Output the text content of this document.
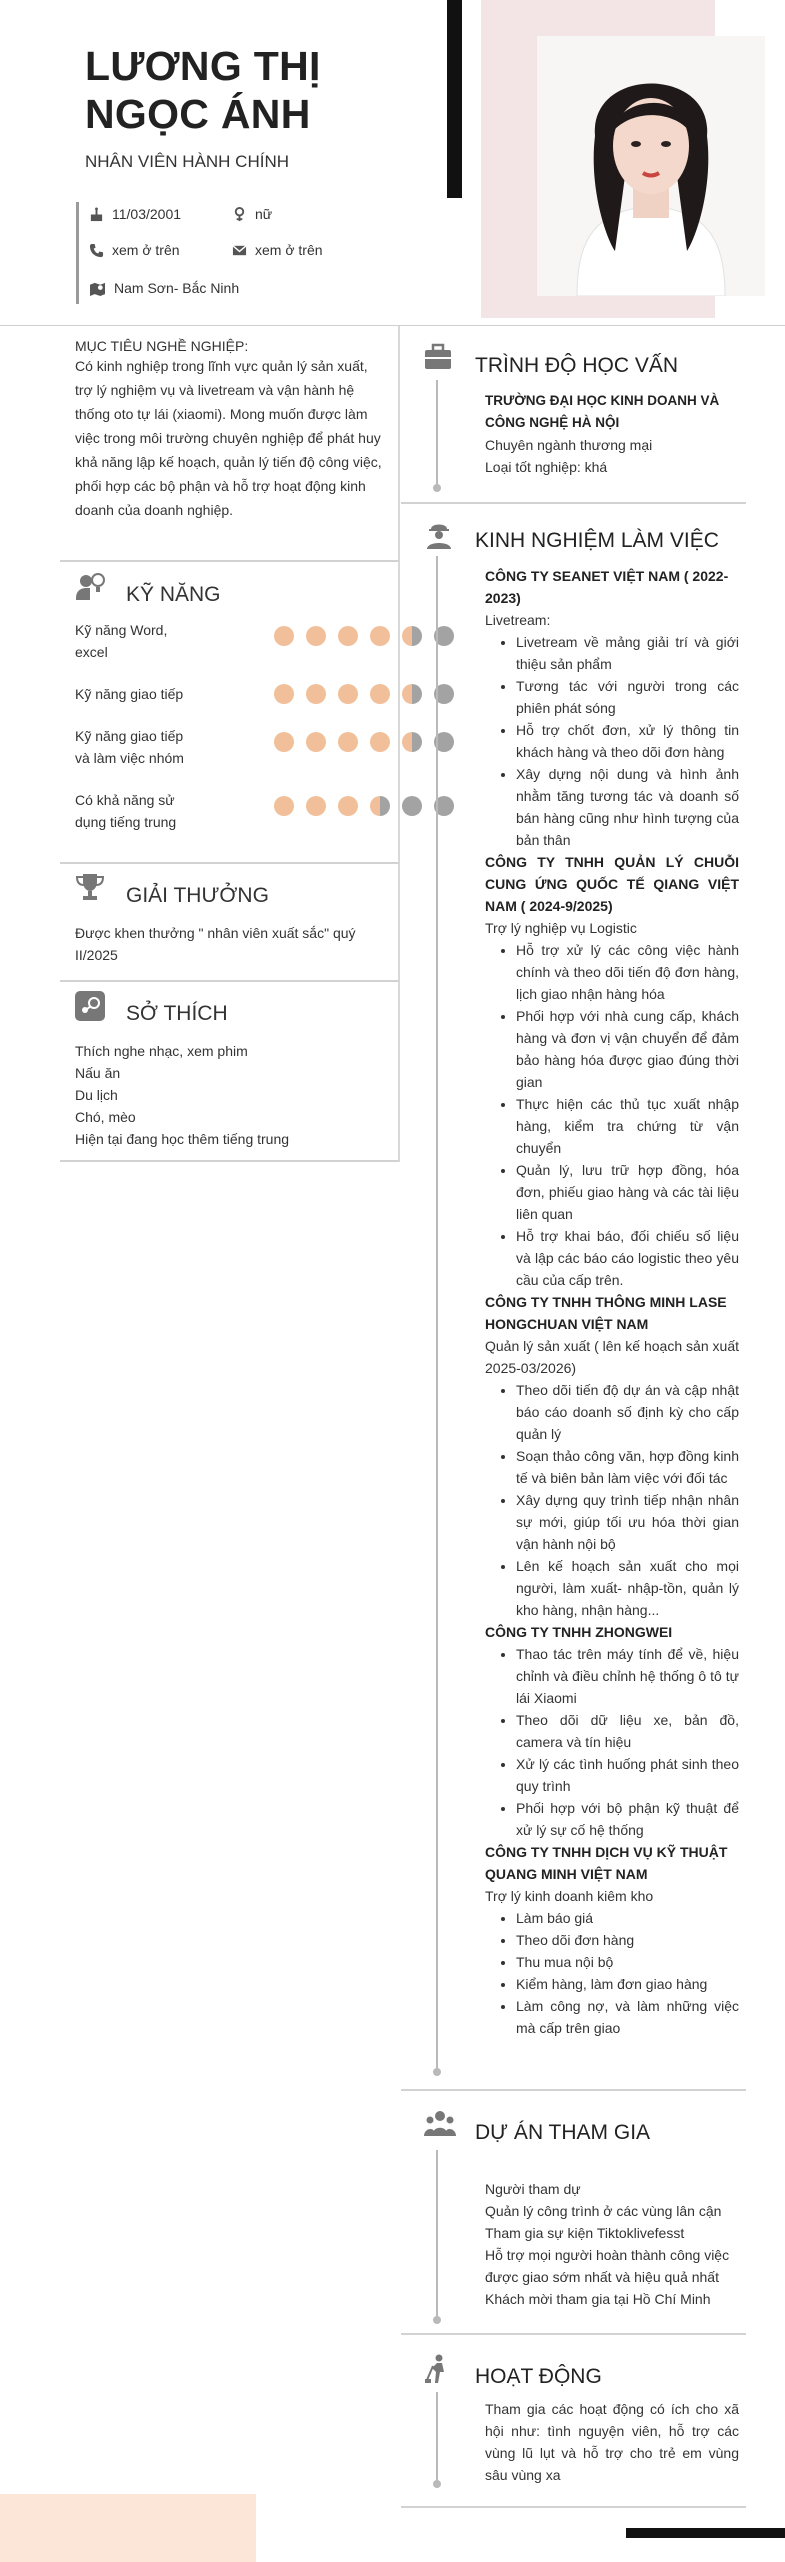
LƯƠNG THỊ NGỌC ÁNH
NHÂN VIÊN HÀNH CHÍNH
11/03/2001	nữ
xem ở trên	xem ở trên
Nam Sơn- Bắc Ninh
MỤC TIÊU NGHỀ NGHIỆP:
Có kinh nghiệp trong lĩnh vực quản lý sản xuất, trợ lý nghiệm vụ và livetream và vận hành hệ thống oto tự lái (xiaomi). Mong muốn được làm việc trong môi trường chuyên nghiệp để phát huy khả năng lập kế hoạch, quản lý tiến độ công việc, phối hợp các bộ phận và hỗ trợ hoạt động kinh doanh của doanh nghiệp.
KỸ NĂNG
Kỹ năng Word, excel
Kỹ năng giao tiếp
Kỹ năng giao tiếp và làm việc nhóm
Có khả năng sử dụng tiếng trung
GIẢI THƯỞNG
Được khen thưởng " nhân viên xuất sắc" quý II/2025
SỞ THÍCH
Thích nghe nhạc, xem phim
Nấu ăn
Du lịch
Chó, mèo
Hiện tại đang học thêm tiếng trung
TRÌNH ĐỘ HỌC VẤN
TRƯỜNG ĐẠI HỌC KINH DOANH VÀ CÔNG NGHỆ HÀ NỘI
Chuyên ngành thương mại
Loại tốt nghiệp: khá
KINH NGHIỆM LÀM VIỆC
CÔNG TY SEANET VIỆT NAM ( 2022-2023)
Livetream:
• Livetream về mảng giải trí và giới thiệu sản phẩm
• Tương tác với người trong các phiên phát sóng
• Hỗ trợ chốt đơn, xử lý thông tin khách hàng và theo dõi đơn hàng
• Xây dựng nội dung và hình ảnh nhằm tăng tương tác và doanh số bán hàng cũng như hình tượng của bản thân
CÔNG TY TNHH QUẢN LÝ CHUỖI CUNG ỨNG QUỐC TẾ QIANG VIỆT NAM ( 2024-9/2025)
Trợ lý nghiệp vụ Logistic
• Hỗ trợ xử lý các công việc hành chính và theo dõi tiến độ đơn hàng, lịch giao nhận hàng hóa
• Phối hợp với nhà cung cấp, khách hàng và đơn vị vận chuyển để đảm bảo hàng hóa được giao đúng thời gian
• Thực hiện các thủ tục xuất nhập hàng, kiểm tra chứng từ vận chuyển
• Quản lý, lưu trữ hợp đồng, hóa đơn, phiếu giao hàng và các tài liệu liên quan
• Hỗ trợ khai báo, đối chiếu số liệu và lập các báo cáo logistic theo yêu cầu của cấp trên.
CÔNG TY TNHH THÔNG MINH LASE HONGCHUAN VIỆT NAM
Quản lý sản xuất ( lên kế hoạch sản xuất 2025-03/2026)
• Theo dõi tiến độ dự án và cập nhật báo cáo doanh số định kỳ cho cấp quản lý
• Soạn thảo công văn, hợp đồng kinh tế và biên bản làm việc với đối tác
• Xây dựng quy trình tiếp nhận nhân sự mới, giúp tối ưu hóa thời gian vận hành nội bộ
• Lên kế hoạch sản xuất cho mọi người, làm xuất- nhập-tồn, quản lý kho hàng, nhận hàng...
CÔNG TY TNHH ZHONGWEI
• Thao tác trên máy tính để về, hiệu chỉnh và điều chỉnh hệ thống ô tô tự lái Xiaomi
• Theo dõi dữ liệu xe, bản đồ, camera và tín hiệu
• Xử lý các tình huống phát sinh theo quy trình
• Phối hợp với bộ phận kỹ thuật để xử lý sự cố hệ thống
CÔNG TY TNHH DỊCH VỤ KỸ THUẬT QUANG MINH VIỆT NAM
Trợ lý kinh doanh kiêm kho
• Làm báo giá
• Theo dõi đơn hàng
• Thu mua nội bộ
• Kiểm hàng, làm đơn giao hàng
• Làm công nợ, và làm những việc mà cấp trên giao
DỰ ÁN THAM GIA
Người tham dự
Quản lý công trình ở các vùng lân cận
Tham gia sự kiện Tiktoklivefesst
Hỗ trợ mọi người hoàn thành công việc được giao sớm nhất và hiệu quả nhất
Khách mời tham gia tại Hồ Chí Minh
HOẠT ĐỘNG
Tham gia các hoạt động có ích cho xã hội như: tình nguyện viên, hỗ trợ các vùng lũ lụt và hỗ trợ cho trẻ em vùng sâu vùng xa
